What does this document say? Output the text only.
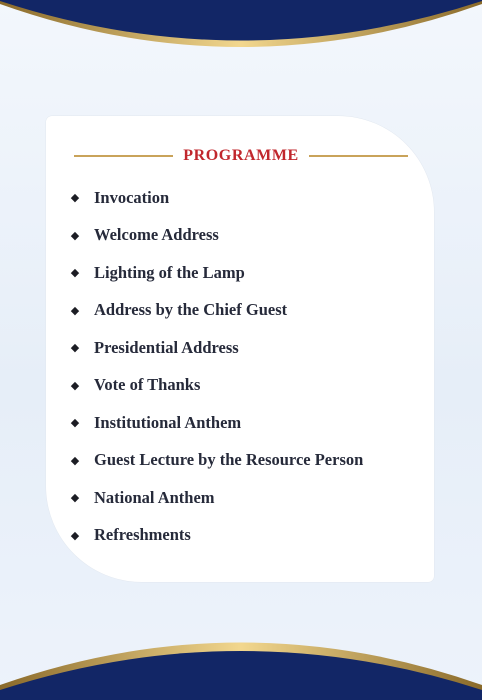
PROGRAMME
◆ Invocation
◆ Welcome Address
◆ Lighting of the Lamp
◆ Address by the Chief Guest
◆ Presidential Address
◆ Vote of Thanks
◆ Institutional Anthem
◆ Guest Lecture by the Resource Person
◆ National Anthem
◆ Refreshments
